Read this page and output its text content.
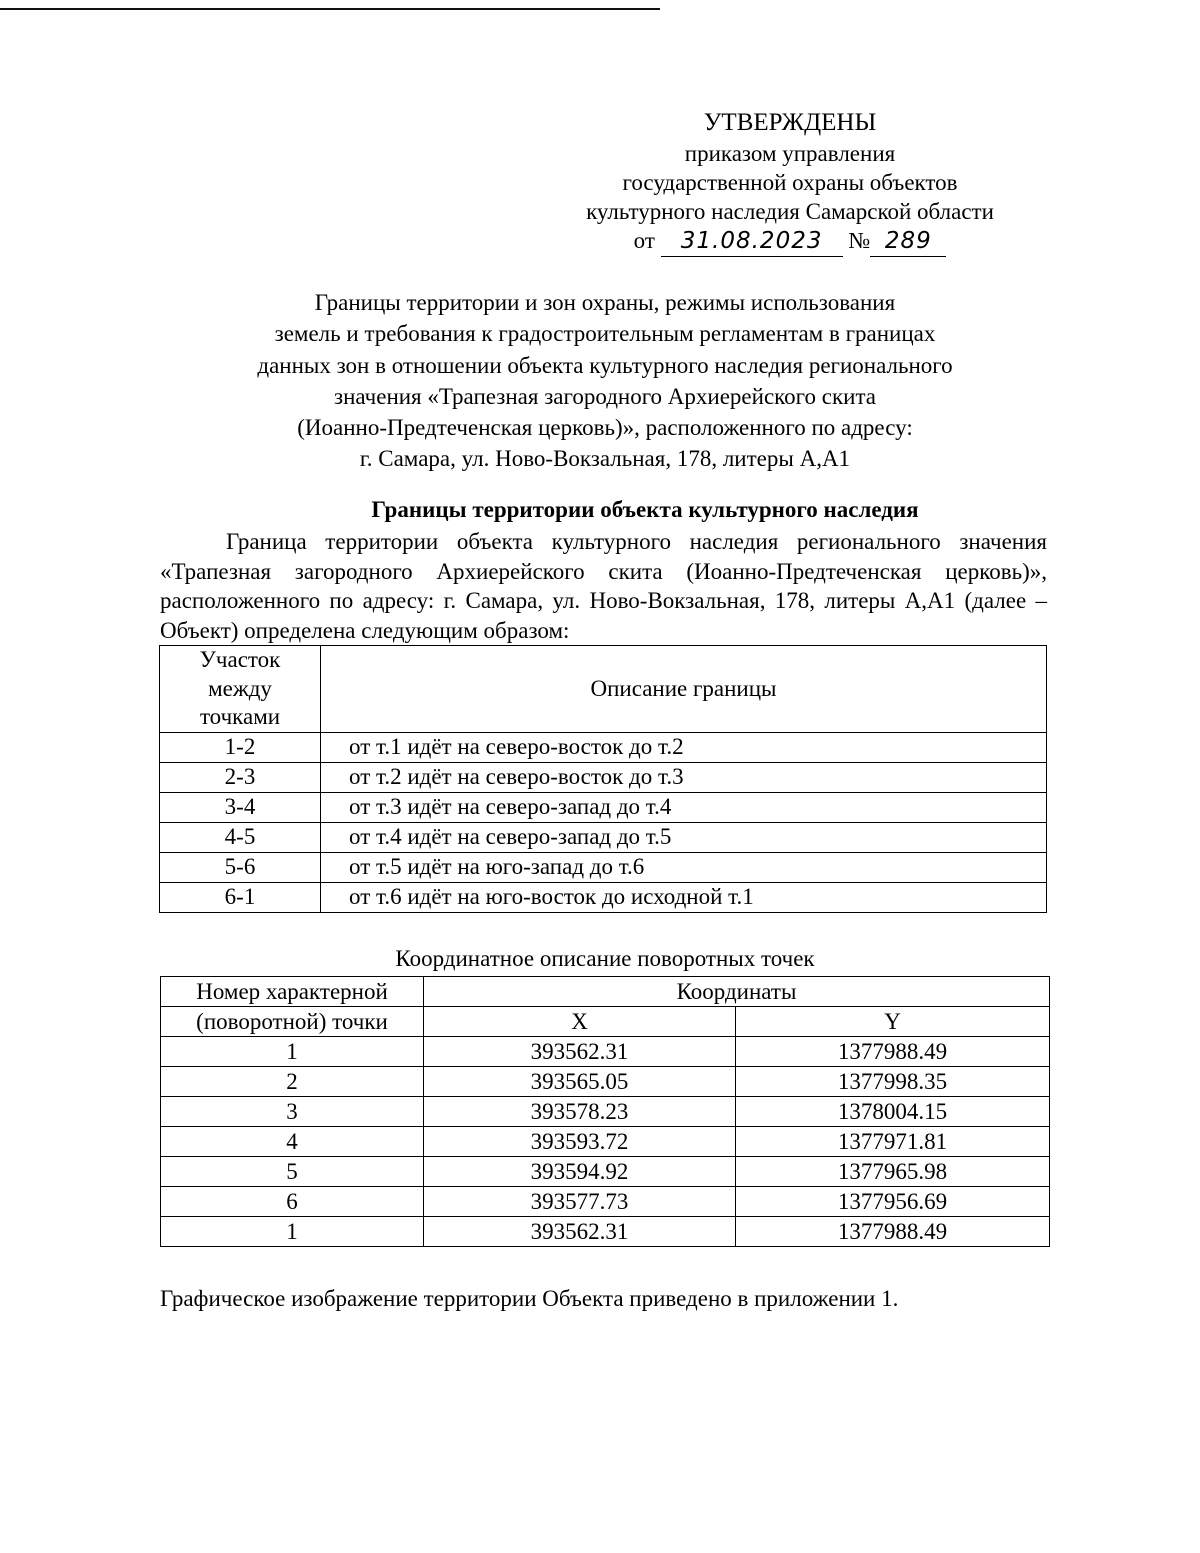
УТВЕРЖДЕНЫ
приказом управления
государственной охраны объектов
культурного наследия Самарской области
от 31.08.2023 № 289
Границы территории и зон охраны, режимы использования
земель и требования к градостроительным регламентам в границах
данных зон в отношении объекта культурного наследия регионального
значения «Трапезная загородного Архиерейского скита
(Иоанно-Предтеченская церковь)», расположенного по адресу:
г. Самара, ул. Ново-Вокзальная, 178, литеры А,А1
Границы территории объекта культурного наследия

Граница территории объекта культурного наследия регионального значения «Трапезная загородного Архиерейского скита (Иоанно-Предтеченская церковь)», расположенного по адресу: г. Самара, ул. Ново-Вокзальная, 178, литеры А,А1 (далее – Объект) определена следующим образом:

Участок
между
точками	Описание границы
1-2	от т.1 идёт на северо-восток до т.2
2-3	от т.2 идёт на северо-восток до т.3
3-4	от т.3 идёт на северо-запад до т.4
4-5	от т.4 идёт на северо-запад до т.5
5-6	от т.5 идёт на юго-запад до т.6
6-1	от т.6 идёт на юго-восток до исходной т.1
Координатное описание поворотных точек
Номер характерной	Координаты	
(поворотной) точки	X	Y
1	393562.31	1377988.49
2	393565.05	1377998.35
3	393578.23	1378004.15
4	393593.72	1377971.81
5	393594.92	1377965.98
6	393577.73	1377956.69
1	393562.31	1377988.49
Графическое изображение территории Объекта приведено в приложении 1.
